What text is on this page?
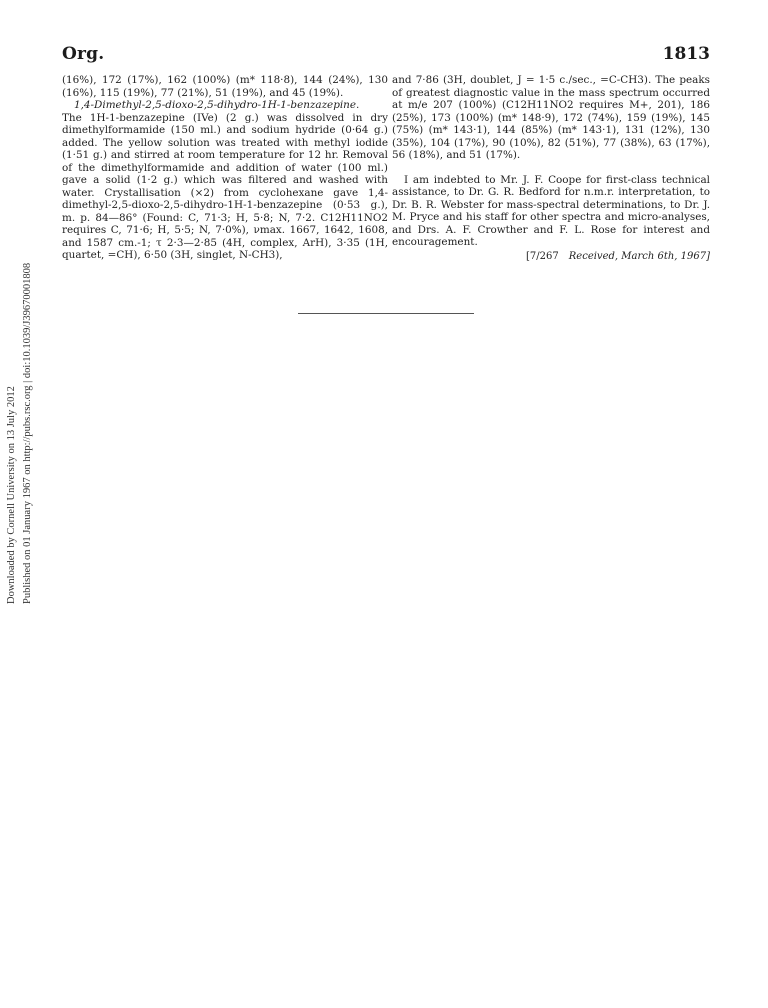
Org.	1813
Downloaded by Cornell University on 13 July 2012 Published on 01 January 1967 on http://pubs.rsc.org | doi:10.1039/J39670001808

(16%), 172 (17%), 162 (100%) (m* 118·8), 144 (24%), 130 (16%), 115 (19%), 77 (21%), 51 (19%), and 45 (19%).

1,4-Dimethyl-2,5-dioxo-2,5-dihydro-1H-1-benzazepine.

The 1H-1-benzazepine (IVe) (2 g.) was dissolved in dry dimethylformamide (150 ml.) and sodium hydride (0·64 g.) added. The yellow solution was treated with methyl iodide (1·51 g.) and stirred at room temperature for 12 hr. Removal of the dimethylformamide and addition of water (100 ml.) gave a solid (1·2 g.) which was filtered and washed with water. Crystallisation (×2) from cyclohexane gave 1,4-dimethyl-2,5-dioxo-2,5-dihydro-1H-1-benzazepine (0·53 g.), m. p. 84—86° (Found: C, 71·3; H, 5·8; N, 7·2. C12H11NO2 requires C, 71·6; H, 5·5; N, 7·0%), νmax. 1667, 1642, 1608, and 1587 cm.-1; τ 2·3—2·85 (4H, complex, ArH), 3·35 (1H, quartet, =CH), 6·50 (3H, singlet, N-CH3),

and 7·86 (3H, doublet, J = 1·5 c./sec., =C-CH3). The peaks of greatest diagnostic value in the mass spectrum occurred at m/e 207 (100%) (C12H11NO2 requires M+, 201), 186 (25%), 173 (100%) (m* 148·9), 172 (74%), 159 (19%), 145 (75%) (m* 143·1), 144 (85%) (m* 143·1), 131 (12%), 130 (35%), 104 (17%), 90 (10%), 82 (51%), 77 (38%), 63 (17%), 56 (18%), and 51 (17%).

I am indebted to Mr. J. F. Coope for first-class technical assistance, to Dr. G. R. Bedford for n.m.r. interpretation, to Dr. B. R. Webster for mass-spectral determinations, to Dr. J. M. Pryce and his staff for other spectra and micro-analyses, and Drs. A. F. Crowther and F. L. Rose for interest and encouragement.

[7/267 Received, March 6th, 1967]
